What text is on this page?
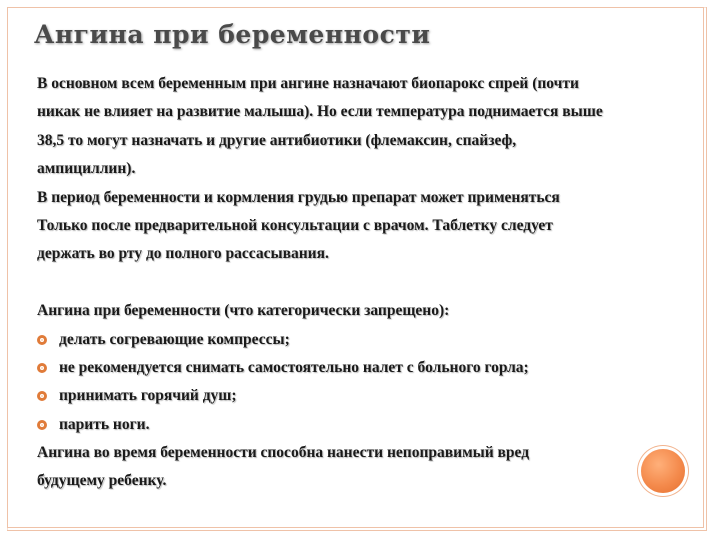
Ангина при беременности
В основном всем беременным при ангине назначают биопарокс спрей (почти
никак не влияет на развитие малыша). Но если температура поднимается выше
38,5 то могут назначать и другие антибиотики (флемаксин, спайзеф,
ампициллин).
В период беременности и кормления грудью препарат может применяться
Только после предварительной консультации с врачом. Таблетку следует
держать во рту до полного рассасывания.
Ангина при беременности (что категорически запрещено):
делать согревающие компрессы;
не рекомендуется снимать самостоятельно налет с больного горла;
принимать горячий душ;
парить ноги.
Ангина во время беременности способна нанести непоправимый вред
будущему ребенку.
